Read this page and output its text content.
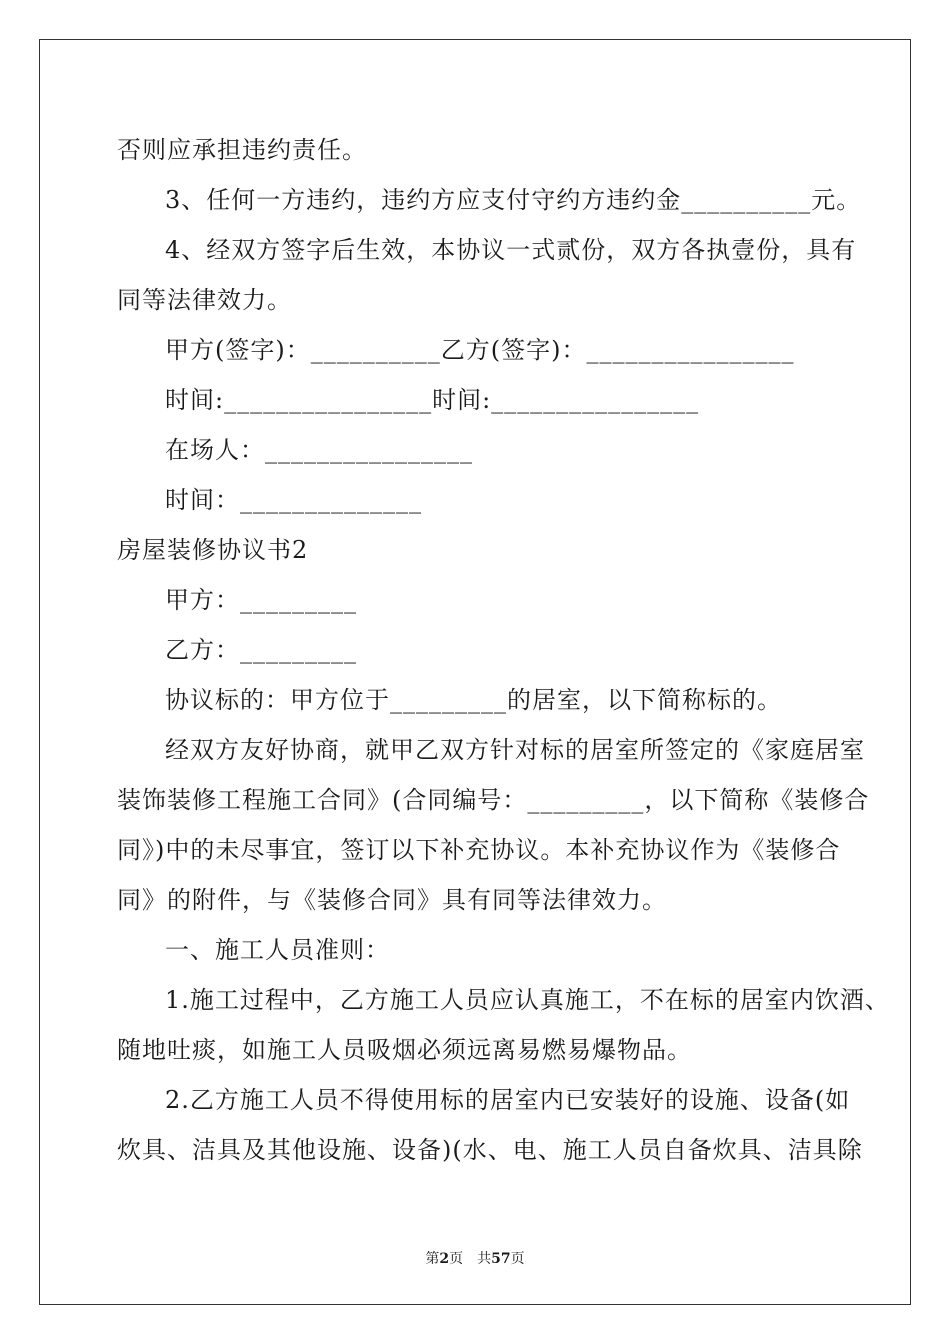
否则应承担违约责任。
3、任何一方违约，违约方应支付守约方违约金__________元。
4、经双方签字后生效，本协议一式贰份，双方各执壹份，具有
同等法律效力。
甲方(签字)：__________乙方(签字)：________________
时间:________________时间:________________
在场人：________________
时间：______________
房屋装修协议书2
甲方：_________
乙方：_________
协议标的：甲方位于_________的居室，以下简称标的。
经双方友好协商，就甲乙双方针对标的居室所签定的《家庭居室
装饰装修工程施工合同》(合同编号：_________，以下简称《装修合
同》)中的未尽事宜，签订以下补充协议。本补充协议作为《装修合
同》的附件，与《装修合同》具有同等法律效力。
一、施工人员准则：
1.施工过程中，乙方施工人员应认真施工，不在标的居室内饮酒、
随地吐痰，如施工人员吸烟必须远离易燃易爆物品。
2.乙方施工人员不得使用标的居室内已安装好的设施、设备(如
炊具、洁具及其他设施、设备)(水、电、施工人员自备炊具、洁具除
第2页　共57页
